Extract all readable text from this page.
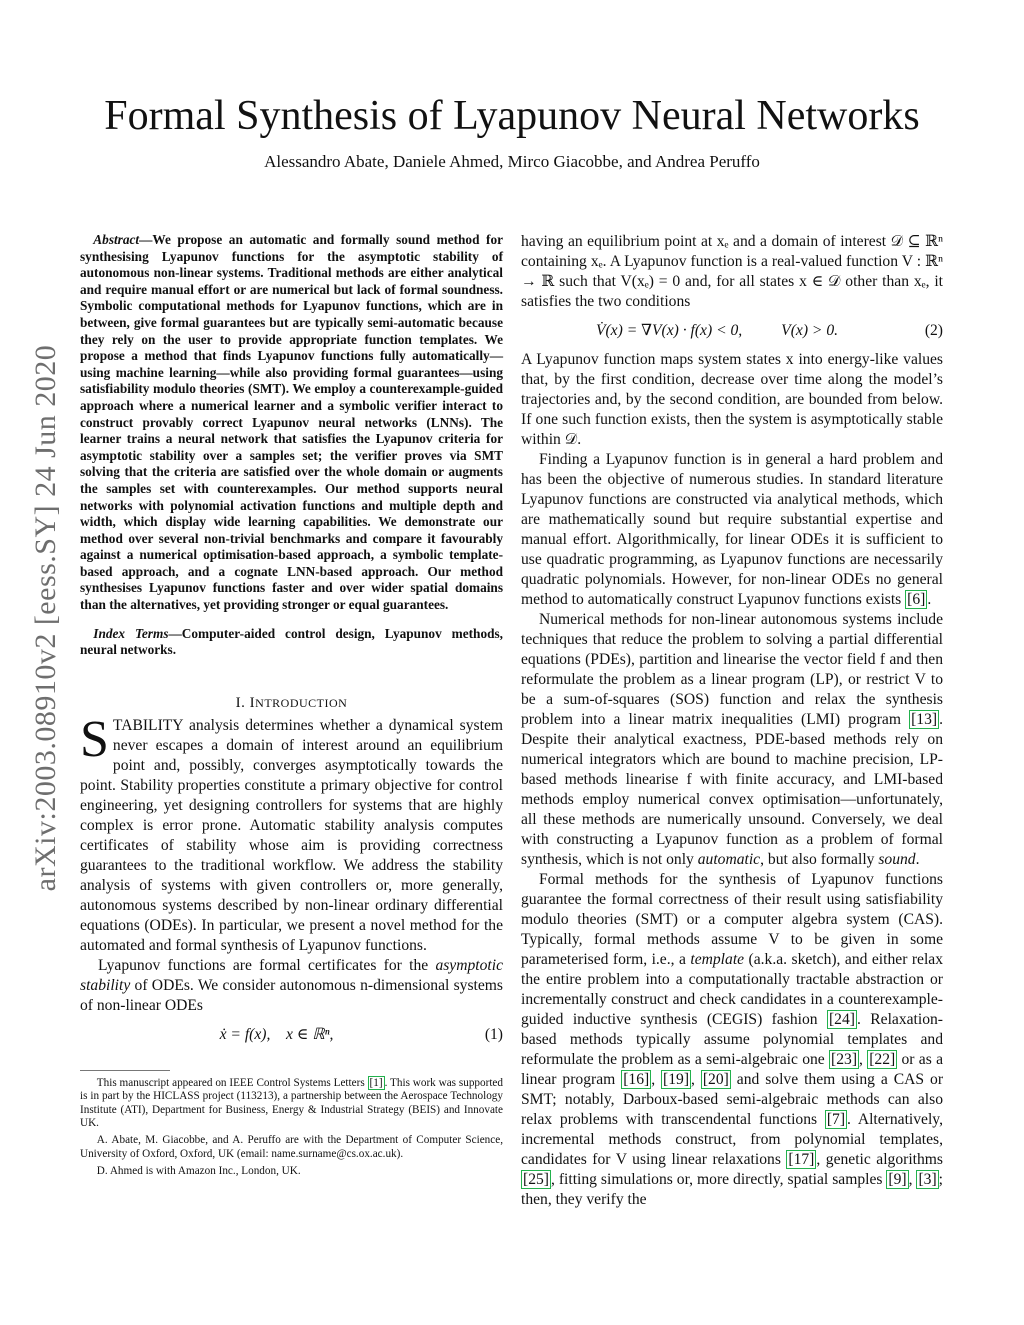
Formal Synthesis of Lyapunov Neural Networks
Alessandro Abate, Daniele Ahmed, Mirco Giacobbe, and Andrea Peruffo
arXiv:2003.08910v2 [eess.SY] 24 Jun 2020

Abstract—We propose an automatic and formally sound method for synthesising Lyapunov functions for the asymptotic stability of autonomous non-linear systems. Traditional methods are either analytical and require manual effort or are numerical but lack of formal soundness. Symbolic computational methods for Lyapunov functions, which are in between, give formal guarantees but are typically semi-automatic because they rely on the user to provide appropriate function templates. We propose a method that finds Lyapunov functions fully automatically—using machine learning—while also providing formal guarantees—using satisfiability modulo theories (SMT). We employ a counterexample-guided approach where a numerical learner and a symbolic verifier interact to construct provably correct Lyapunov neural networks (LNNs). The learner trains a neural network that satisfies the Lyapunov criteria for asymptotic stability over a samples set; the verifier proves via SMT solving that the criteria are satisfied over the whole domain or augments the samples set with counterexamples. Our method supports neural networks with polynomial activation functions and multiple depth and width, which display wide learning capabilities. We demonstrate our method over several non-trivial benchmarks and compare it favourably against a numerical optimisation-based approach, a symbolic template-based approach, and a cognate LNN-based approach. Our method synthesises Lyapunov functions faster and over wider spatial domains than the alternatives, yet providing stronger or equal guarantees.

Index Terms—Computer-aided control design, Lyapunov methods, neural networks.

I. INTRODUCTION

STABILITY analysis determines whether a dynamical system never escapes a domain of interest around an equilibrium point and, possibly, converges asymptotically towards the point. Stability properties constitute a primary objective for control engineering, yet designing controllers for systems that are highly complex is error prone. Automatic stability analysis computes certificates of stability whose aim is providing correctness guarantees to the traditional workflow. We address the stability analysis of systems with given controllers or, more generally, autonomous systems described by non-linear ordinary differential equations (ODEs). In particular, we present a novel method for the automated and formal synthesis of Lyapunov functions.

Lyapunov functions are formal certificates for the asymptotic stability of ODEs. We consider autonomous n-dimensional systems of non-linear ODEs

ẋ = f(x),    x ∈ ℝⁿ,	(1)

This manuscript appeared on IEEE Control Systems Letters [1] . This work was supported is in part by the HICLASS project (113213), a partnership between the Aerospace Technology Institute (ATI), Department for Business, Energy & Industrial Strategy (BEIS) and Innovate UK.

A. Abate, M. Giacobbe, and A. Peruffo are with the Department of Computer Science, University of Oxford, Oxford, UK (email: name.surname@cs.ox.ac.uk).

D. Ahmed is with Amazon Inc., London, UK.

having an equilibrium point at xₑ and a domain of interest 𝒟 ⊆ ℝⁿ containing xₑ. A Lyapunov function is a real-valued function V : ℝⁿ → ℝ such that V(xₑ) = 0 and, for all states x ∈ 𝒟 other than xₑ, it satisfies the two conditions

V̇(x) = ∇V(x) · f(x) < 0,          V(x) > 0.	(2)

A Lyapunov function maps system states x into energy-like values that, by the first condition, decrease over time along the model’s trajectories and, by the second condition, are bounded from below. If one such function exists, then the system is asymptotically stable within 𝒟.

Finding a Lyapunov function is in general a hard problem and has been the objective of numerous studies. In standard literature Lyapunov functions are constructed via analytical methods, which are mathematically sound but require substantial expertise and manual effort. Algorithmically, for linear ODEs it is sufficient to use quadratic programming, as Lyapunov functions are necessarily quadratic polynomials. However, for non-linear ODEs no general method to automatically construct Lyapunov functions exists [6] .

Numerical methods for non-linear autonomous systems include techniques that reduce the problem to solving a partial differential equations (PDEs), partition and linearise the vector field f and then reformulate the problem as a linear program (LP), or restrict V to be a sum-of-squares (SOS) function and relax the synthesis problem into a linear matrix inequalities (LMI) program [13] . Despite their analytical exactness, PDE-based methods rely on numerical integrators which are bound to machine precision, LP-based methods linearise f with finite accuracy, and LMI-based methods employ numerical convex optimisation—unfortunately, all these methods are numerically unsound. Conversely, we deal with constructing a Lyapunov function as a problem of formal synthesis, which is not only automatic, but also formally sound.

Formal methods for the synthesis of Lyapunov functions guarantee the formal correctness of their result using satisfiability modulo theories (SMT) or a computer algebra system (CAS). Typically, formal methods assume V to be given in some parameterised form, i.e., a template (a.k.a. sketch), and either relax the entire problem into a computationally tractable abstraction or incrementally construct and check candidates in a counterexample-guided inductive synthesis (CEGIS) fashion [24] . Relaxation-based methods typically assume polynomial templates and reformulate the problem as a semi-algebraic one [23] , [22] or as a linear program [16] , [19] , [20] and solve them using a CAS or SMT; notably, Darboux-based semi-algebraic methods can also relax problems with transcendental functions [7] . Alternatively, incremental methods construct, from polynomial templates, candidates for V using linear relaxations [17] , genetic algorithms [25] , fitting simulations or, more directly, spatial samples [9] , [3] ; then, they verify the
